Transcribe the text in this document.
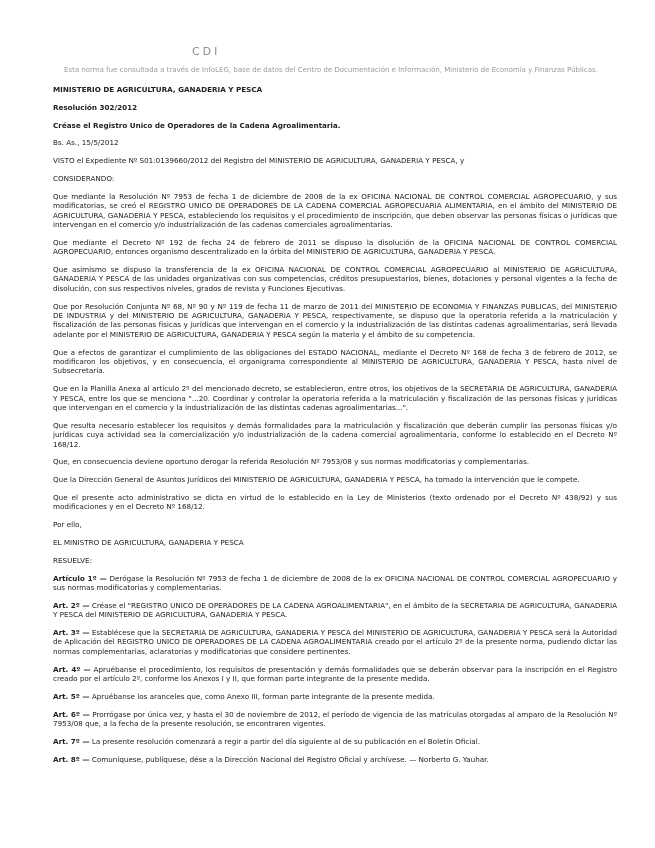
CDI
Esta norma fue consultada a través de InfoLEG, base de datos del Centro de Documentación e Información, Ministerio de Economía y Finanzas Públicas.

MINISTERIO DE AGRICULTURA, GANADERIA Y PESCA

Resolución 302/2012

Créase el Registro Unico de Operadores de la Cadena Agroalimentaria.

Bs. As., 15/5/2012

VISTO el Expediente Nº S01:0139660/2012 del Registro del MINISTERIO DE AGRICULTURA, GANADERIA Y PESCA, y

CONSIDERANDO:

Que mediante la Resolución Nº 7953 de fecha 1 de diciembre de 2008 de la ex OFICINA NACIONAL DE CONTROL COMERCIAL AGROPECUARIO, y sus modificatorias, se creó el REGISTRO UNICO DE OPERADORES DE LA CADENA COMERCIAL AGROPECUARIA ALIMENTARIA, en el ámbito del MINISTERIO DE AGRICULTURA, GANADERIA Y PESCA, estableciendo los requisitos y el procedimiento de inscripción, que deben observar las personas físicas o jurídicas que intervengan en el comercio y/o industrialización de las cadenas comerciales agroalimentarias.

Que mediante el Decreto Nº 192 de fecha 24 de febrero de 2011 se dispuso la disolución de la OFICINA NACIONAL DE CONTROL COMERCIAL AGROPECUARIO, entonces organismo descentralizado en la órbita del MINISTERIO DE AGRICULTURA, GANADERIA Y PESCA.

Que asimismo se dispuso la transferencia de la ex OFICINA NACIONAL DE CONTROL COMERCIAL AGROPECUARIO al MINISTERIO DE AGRICULTURA, GANADERIA Y PESCA de las unidades organizativas con sus competencias, créditos presupuestarios, bienes, dotaciones y personal vigentes a la fecha de disolución, con sus respectivos niveles, grados de revista y Funciones Ejecutivas.

Que por Resolución Conjunta Nº 68, Nº 90 y Nº 119 de fecha 11 de marzo de 2011 del MINISTERIO DE ECONOMIA Y FINANZAS PUBLICAS, del MINISTERIO DE INDUSTRIA y del MINISTERIO DE AGRICULTURA, GANADERIA Y PESCA, respectivamente, se dispuso que la operatoria referida a la matriculación y fiscalización de las personas físicas y jurídicas que intervengan en el comercio y la industrialización de las distintas cadenas agroalimentarias, será llevada adelante por el MINISTERIO DE AGRICULTURA, GANADERIA Y PESCA según la materia y el ámbito de su competencia.

Que a efectos de garantizar el cumplimiento de las obligaciones del ESTADO NACIONAL, mediante el Decreto Nº 168 de fecha 3 de febrero de 2012, se modificaron los objetivos, y en consecuencia, el organigrama correspondiente al MINISTERIO DE AGRICULTURA, GANADERIA Y PESCA, hasta nivel de Subsecretaría.

Que en la Planilla Anexa al artículo 2º del mencionado decreto, se establecieron, entre otros, los objetivos de la SECRETARIA DE AGRICULTURA, GANADERIA Y PESCA, entre los que se menciona "...20. Coordinar y controlar la operatoria referida a la matriculación y fiscalización de las personas físicas y jurídicas que intervengan en el comercio y la industrialización de las distintas cadenas agroalimentarias...".

Que resulta necesario establecer los requisitos y demás formalidades para la matriculación y fiscalización que deberán cumplir las personas físicas y/o jurídicas cuya actividad sea la comercialización y/o industrialización de la cadena comercial agroalimentaria, conforme lo establecido en el Decreto Nº 168/12.

Que, en consecuencia deviene oportuno derogar la referida Resolución Nº 7953/08 y sus normas modificatorias y complementarias.

Que la Dirección General de Asuntos Jurídicos del MINISTERIO DE AGRICULTURA, GANADERIA Y PESCA, ha tomado la intervención que le compete.

Que el presente acto administrativo se dicta en virtud de lo establecido en la Ley de Ministerios (texto ordenado por el Decreto Nº 438/92) y sus modificaciones y en el Decreto Nº 168/12.

Por ello,

EL MINISTRO DE AGRICULTURA, GANADERIA Y PESCA

RESUELVE:

Artículo 1º — Derógase la Resolución Nº 7953 de fecha 1 de diciembre de 2008 de la ex OFICINA NACIONAL DE CONTROL COMERCIAL AGROPECUARIO y sus normas modificatorias y complementarias.

Art. 2º — Créase el "REGISTRO UNICO DE OPERADORES DE LA CADENA AGROALIMENTARIA", en el ámbito de la SECRETARIA DE AGRICULTURA, GANADERIA Y PESCA del MINISTERIO DE AGRICULTURA, GANADERIA Y PESCA.

Art. 3º — Establécese que la SECRETARIA DE AGRICULTURA, GANADERIA Y PESCA del MINISTERIO DE AGRICULTURA, GANADERIA Y PESCA será la Autoridad de Aplicación del REGISTRO UNICO DE OPERADORES DE LA CADENA AGROALIMENTARIA creado por el artículo 2º de la presente norma, pudiendo dictar las normas complementarias, aclaratorias y modificatorias que considere pertinentes.

Art. 4º — Apruébanse el procedimiento, los requisitos de presentación y demás formalidades que se deberán observar para la inscripción en el Registro creado por el artículo 2º, conforme los Anexos I y II, que forman parte integrante de la presente medida.

Art. 5º — Apruébanse los aranceles que, como Anexo III, forman parte integrante de la presente medida.

Art. 6º — Prorrógase por única vez, y hasta el 30 de noviembre de 2012, el período de vigencia de las matrículas otorgadas al amparo de la Resolución Nº 7953/08 que, a la fecha de la presente resolución, se encontraren vigentes.

Art. 7º — La presente resolución comenzará a regir a partir del día siguiente al de su publicación en el Boletín Oficial.

Art. 8º — Comuníquese, publíquese, dése a la Dirección Nacional del Registro Oficial y archívese. — Norberto G. Yauhar.
